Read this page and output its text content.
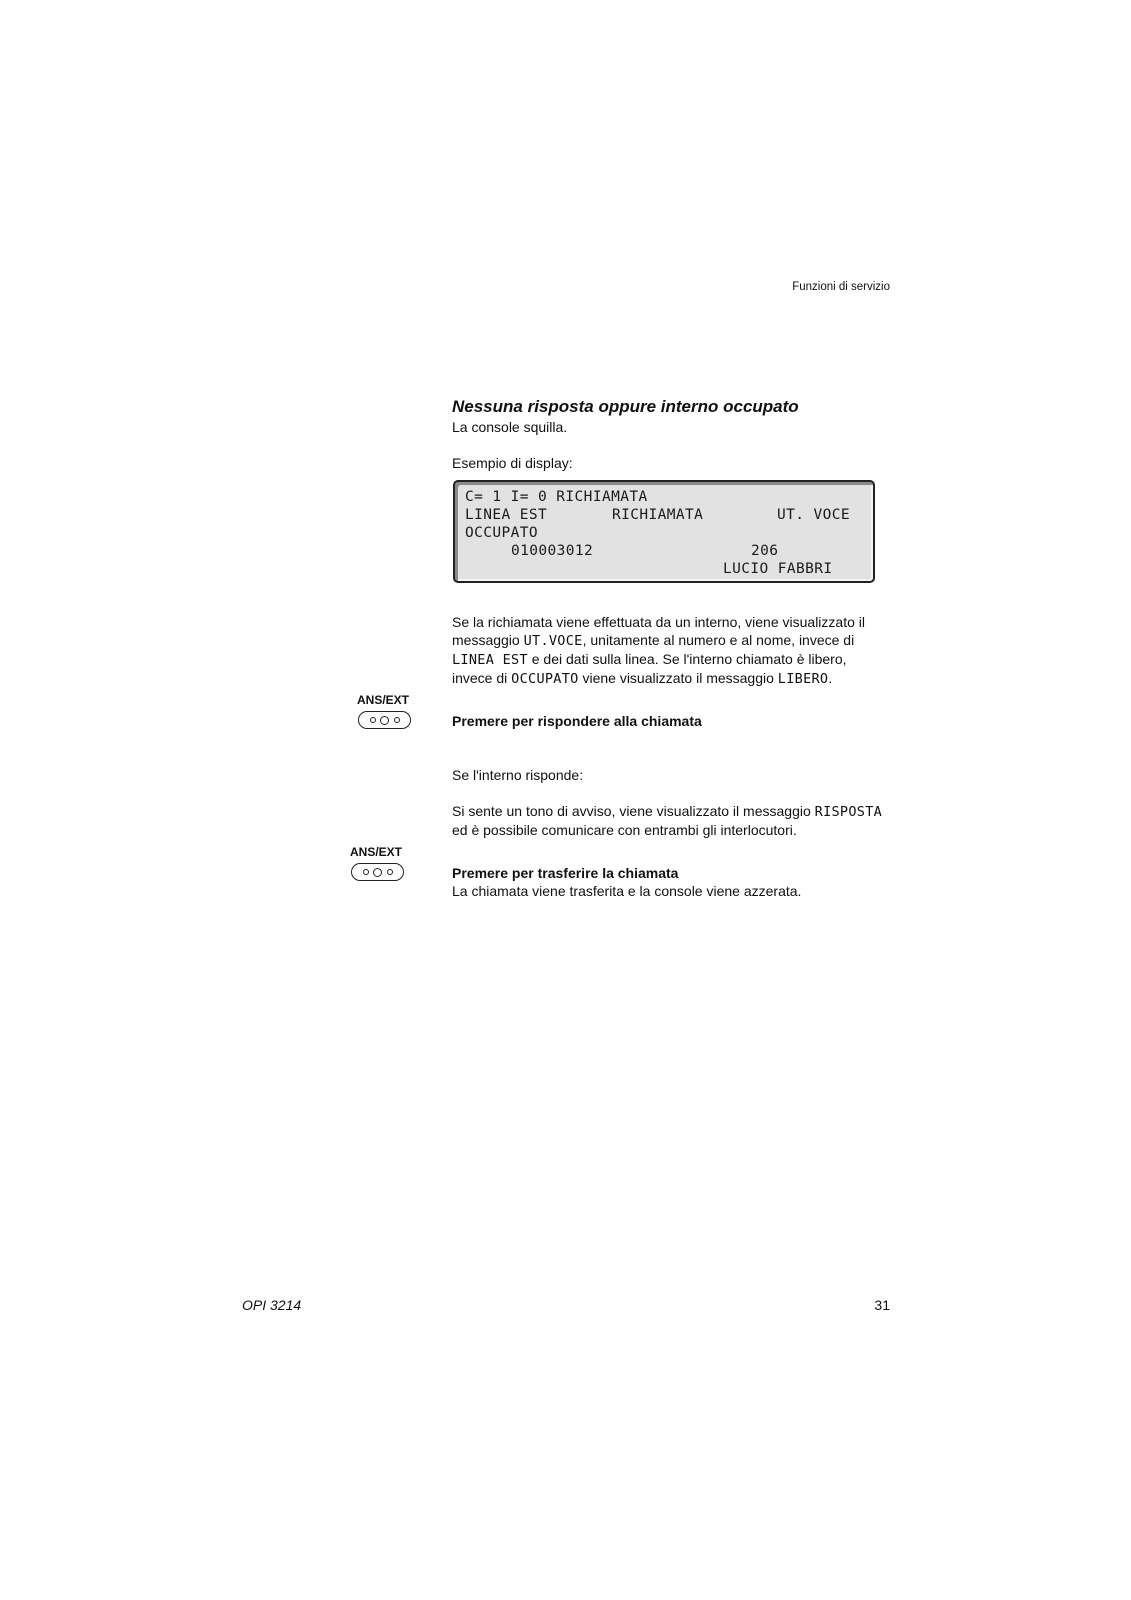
Funzioni di servizio
Nessuna risposta oppure interno occupato
La console squilla.
Esempio di display:
C= 1 I= 0 RICHIAMATA
LINEA EST	RICHIAMATA	UT. VOCE
OCCUPATO
010003012	206
LUCIO FABBRI
Se la richiamata viene effettuata da un interno, viene visualizzato il
messaggio UT.VOCE, unitamente al numero e al nome, invece di
LINEA EST e dei dati sulla linea. Se l'interno chiamato è libero,
invece di OCCUPATO viene visualizzato il messaggio LIBERO.
ANS/EXT
Premere per rispondere alla chiamata
Se l'interno risponde:
Si sente un tono di avviso, viene visualizzato il messaggio RISPOSTA
ed è possibile comunicare con entrambi gli interlocutori.
ANS/EXT
Premere per trasferire la chiamata
La chiamata viene trasferita e la console viene azzerata.
OPI 3214	31
